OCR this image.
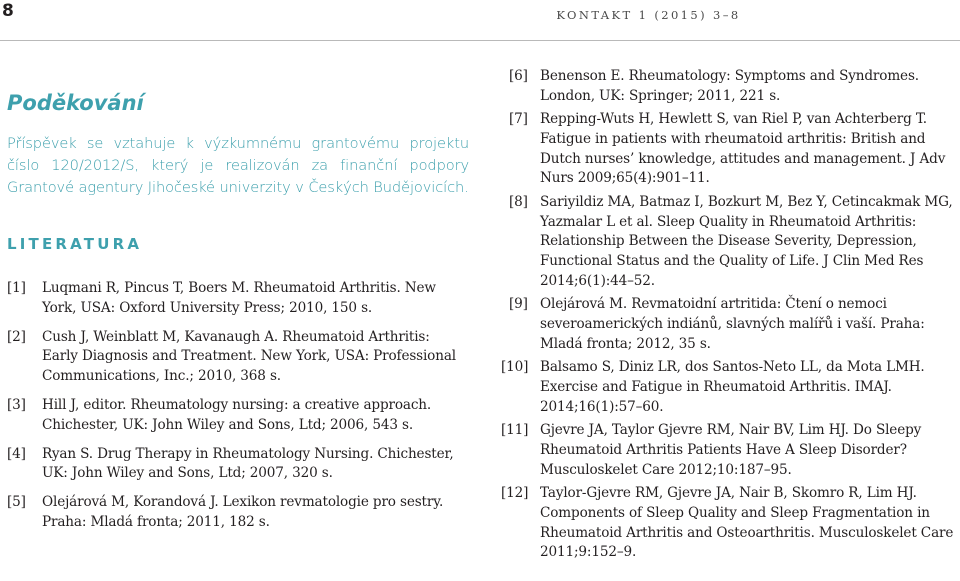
8	KONTAKT 1 (2015) 3–8
Poděkování

Příspěvek se vztahuje k výzkumnému grantovému projektu číslo 120/2012/S, který je realizován za finanční podpory Grantové agentury Jihočeské univerzity v Českých Budějovicích.

LITERATURA
[1] Luqmani R, Pincus T, Boers M. Rheumatoid Arthritis. New York, USA: Oxford University Press; 2010, 150 s.
[2] Cush J, Weinblatt M, Kavanaugh A. Rheumatoid Arthritis: Early Diagnosis and Treatment. New York, USA: Professional Communications, Inc.; 2010, 368 s.
[3] Hill J, editor. Rheumatology nursing: a creative approach. Chichester, UK: John Wiley and Sons, Ltd; 2006, 543 s.
[4] Ryan S. Drug Therapy in Rheumatology Nursing. Chichester, UK: John Wiley and Sons, Ltd; 2007, 320 s.
[5] Olejárová M, Korandová J. Lexikon revmatologie pro sestry. Praha: Mladá fronta; 2011, 182 s.
[6] Benenson E. Rheumatology: Symptoms and Syndromes. London, UK: Springer; 2011, 221 s.
[7] Repping-Wuts H, Hewlett S, van Riel P, van Achterberg T. Fatigue in patients with rheumatoid arthritis: British and Dutch nurses’ knowledge, attitudes and management. J Adv Nurs 2009;65(4):901–11.
[8] Sariyildiz MA, Batmaz I, Bozkurt M, Bez Y, Cetincakmak MG, Yazmalar L et al. Sleep Quality in Rheumatoid Arthritis: Relationship Between the Disease Severity, Depression, Functional Status and the Quality of Life. J Clin Med Res 2014;6(1):44–52.
[9] Olejárová M. Revmatoidní artritida: Čtení o nemoci severoamerických indiánů, slavných malířů i vaší. Praha: Mladá fronta; 2012, 35 s.
[10] Balsamo S, Diniz LR, dos Santos-Neto LL, da Mota LMH. Exercise and Fatigue in Rheumatoid Arthritis. IMAJ. 2014;16(1):57–60.
[11] Gjevre JA, Taylor Gjevre RM, Nair BV, Lim HJ. Do Sleepy Rheumatoid Arthritis Patients Have A Sleep Disorder? Musculoskelet Care 2012;10:187–95.
[12] Taylor-Gjevre RM, Gjevre JA, Nair B, Skomro R, Lim HJ. Components of Sleep Quality and Sleep Fragmentation in Rheumatoid Arthritis and Osteoarthritis. Musculoskelet Care 2011;9:152–9.
